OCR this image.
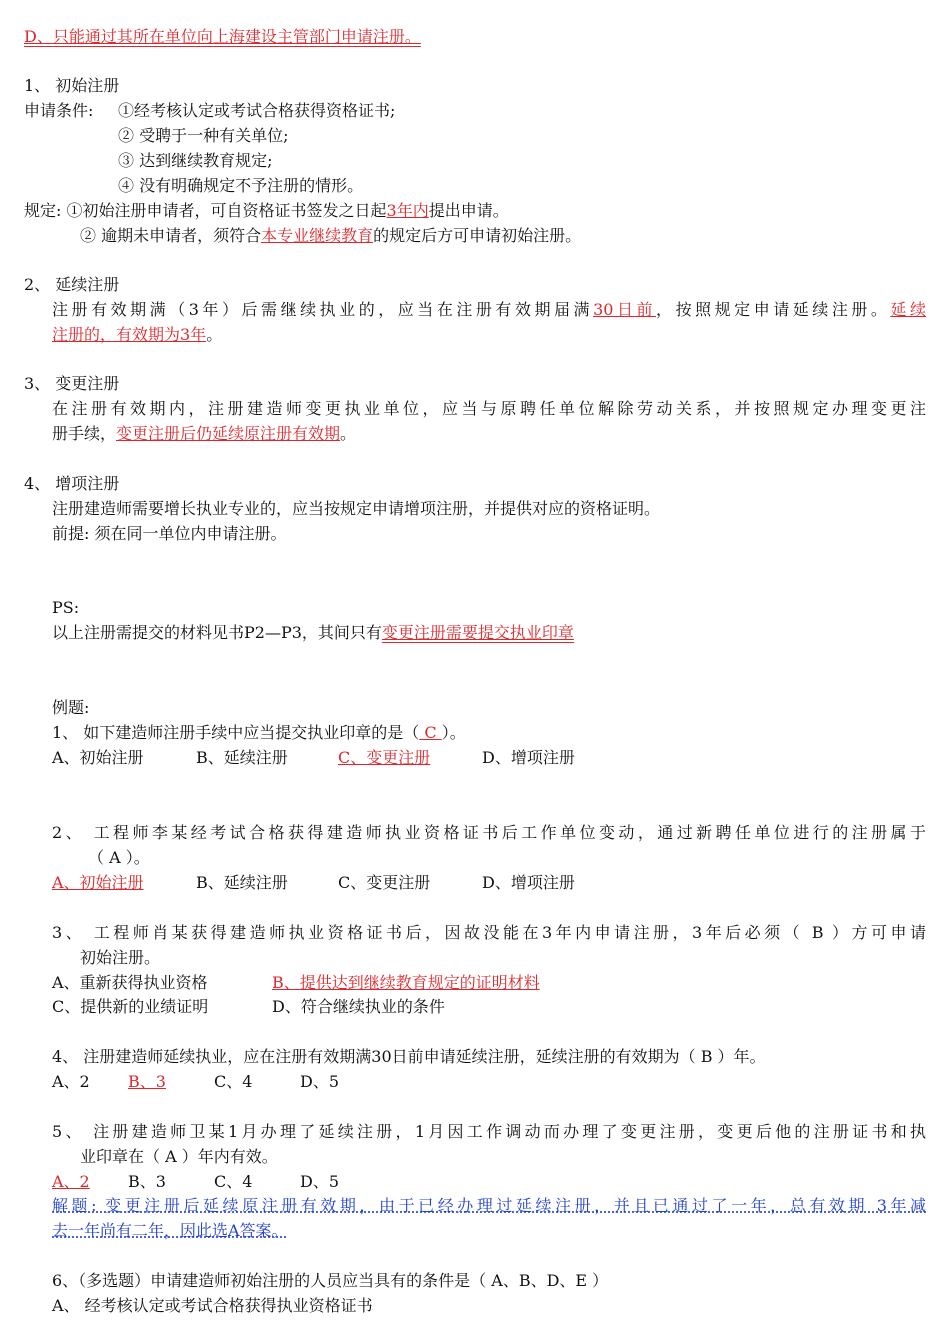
D、只能通过其所在单位向上海建设主管部门申请注册。
1、 初始注册
申请条件: ①经考核认定或考试合格获得资格证书;
② 受聘于一种有关单位;
③ 达到继续教育规定;
④ 没有明确规定不予注册的情形。
规定: ①初始注册申请者，可自资格证书签发之日起3年内提出申请。
② 逾期未申请者，须符合本专业继续教育的规定后方可申请初始注册。
2、 延续注册
注册有效期满（3年）后需继续执业的，应当在注册有效期届满30日前，按照规定申请延续注册。延续
注册的，有效期为3年。
3、 变更注册
在注册有效期内，注册建造师变更执业单位，应当与原聘任单位解除劳动关系，并按照规定办理变更注
册手续，变更注册后仍延续原注册有效期。
4、 增项注册
注册建造师需要增长执业专业的，应当按规定申请增项注册，并提供对应的资格证明。
前提: 须在同一单位内申请注册。
PS:
以上注册需提交的材料见书P2—P3，其间只有变更注册需要提交执业印章
例题:
1、 如下建造师注册手续中应当提交执业印章的是（ C ）。
A、初始注册	B、延续注册	C、变更注册	D、增项注册
2、 工程师李某经考试合格获得建造师执业资格证书后工作单位变动，通过新聘任单位进行的注册属于
（ A ）。
A、初始注册	B、延续注册	C、变更注册	D、增项注册
3、 工程师肖某获得建造师执业资格证书后，因故没能在3年内申请注册，3年后必须（ B ）方可申请
初始注册。
A、重新获得执业资格	B、提供达到继续教育规定的证明材料
C、提供新的业绩证明	D、符合继续执业的条件
4、 注册建造师延续执业，应在注册有效期满30日前申请延续注册，延续注册的有效期为（ B ）年。
A、2 B、3	C、4	D、5
5、 注册建造师卫某1月办理了延续注册，1月因工作调动而办理了变更注册，变更后他的注册证书和执
业印章在（ A ）年内有效。
A、2 B、3	C、4	D、5
解题: 变更注册后延续原注册有效期，由于已经办理过延续注册，并且已通过了一年，总有效期 3年减
去一年尚有二年，因此选A答案。
6、（多选题）申请建造师初始注册的人员应当具有的条件是（ A、B、D、E ）
A、 经考核认定或考试合格获得执业资格证书
